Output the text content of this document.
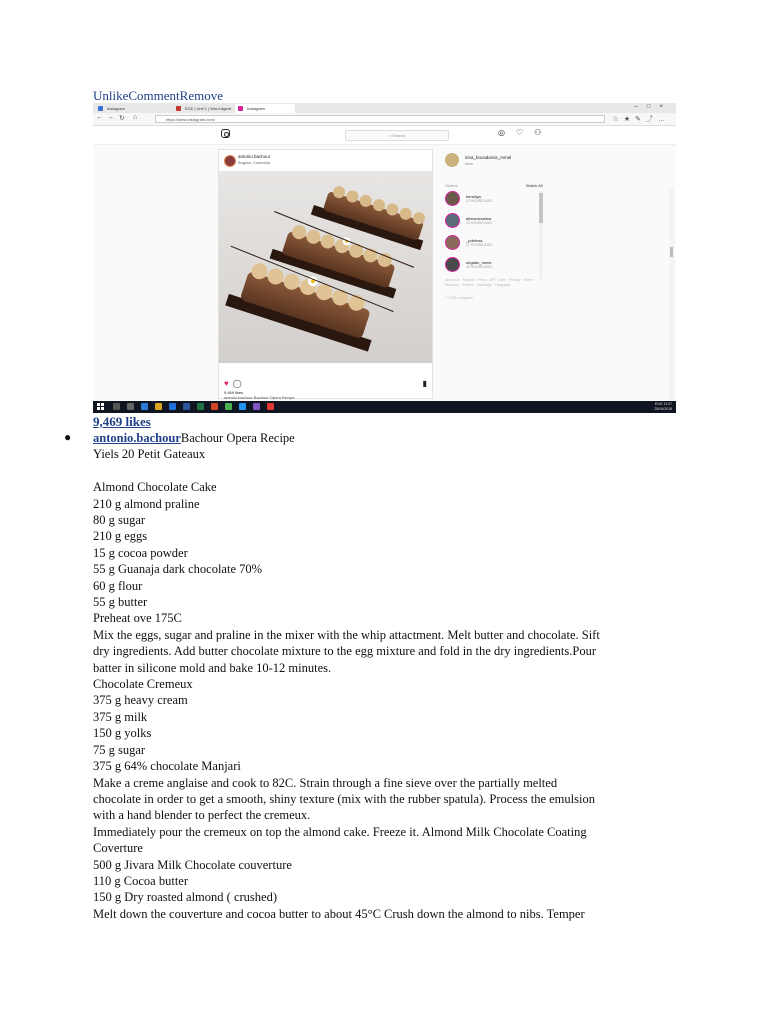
UnlikeCommentRemove
Instagram	ECE | Unit 1 | Word Agent	Instagram	–□×
← → ↻ ⌂	https://www.instagram.com/	☆★✎⤴…
⌕ Search	◎♡⚇
antonio.bachour
Bogota, Colombia
♥ ◯	▮
9,469 likes
antonio.bachour Bachour Opera Recipe
irina_bocadarsis_mmel
Irina
Stories	Watch All
bensilya
12 HOURS AGO
allmanicsalma
13 HOURS AGO
_pdefnas
17 HOURS AGO
obgatto_mene
19 HOURS AGO
About Us · Support · Press · API · Jobs · Privacy · Terms · Directory · Profiles · Hashtags · Language
© 2018 Instagram
ENG 11:07
25/04/2018
9,469 likes
● antonio.bachourBachour Opera Recipe

Yiels 20 Petit Gateaux

Almond Chocolate Cake

210 g almond praline

80 g sugar

210 g eggs

15 g cocoa powder

55 g Guanaja dark chocolate 70%

60 g flour

55 g butter

Preheat ove 175C

Mix the eggs, sugar and praline in the mixer with the whip attactment. Melt butter and chocolate. Sift

dry ingredients. Add butter chocolate mixture to the egg mixture and fold in the dry ingredients.Pour

batter in silicone mold and bake 10-12 minutes.

Chocolate Cremeux

375 g heavy cream

375 g milk

150 g yolks

75 g sugar

375 g 64% chocolate Manjari

Make a creme anglaise and cook to 82C. Strain through a fine sieve over the partially melted

chocolate in order to get a smooth, shiny texture (mix with the rubber spatula). Process the emulsion

with a hand blender to perfect the cremeux.

Immediately pour the cremeux on top the almond cake. Freeze it. Almond Milk Chocolate Coating

Coverture

500 g Jivara Milk Chocolate couverture

110 g Cocoa butter

150 g Dry roasted almond ( crushed)

Melt down the couverture and cocoa butter to about 45°C Crush down the almond to nibs. Temper
